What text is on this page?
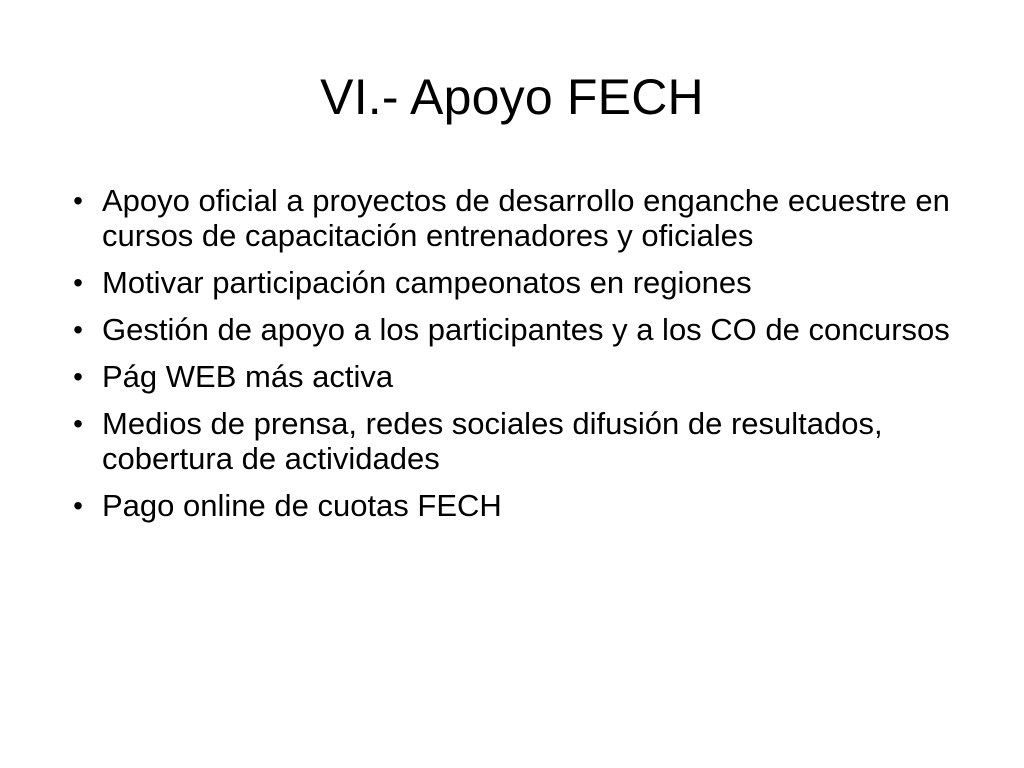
VI.- Apoyo FECH
• Apoyo oficial a proyectos de desarrollo enganche ecuestre en cursos de capacitación entrenadores y oficiales
• Motivar participación campeonatos en regiones
• Gestión de apoyo a los participantes y a los CO de concursos
• Pág WEB más activa
• Medios de prensa, redes sociales difusión de resultados, cobertura de actividades
• Pago online de cuotas FECH
